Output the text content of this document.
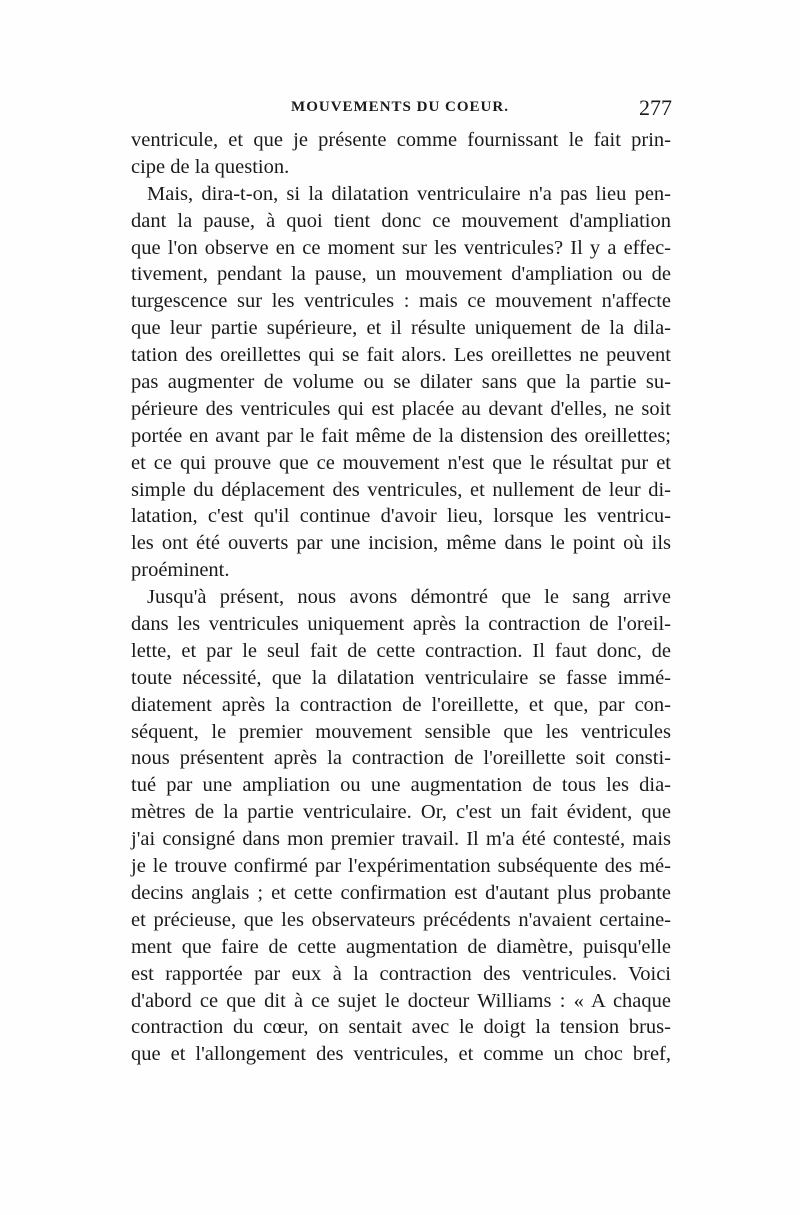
MOUVEMENTS DU COEUR.	277
ventricule, et que je présente comme fournissant le fait prin-
cipe de la question.
Mais, dira-t-on, si la dilatation ventriculaire n'a pas lieu pen-
dant la pause, à quoi tient donc ce mouvement d'ampliation
que l'on observe en ce moment sur les ventricules? Il y a effec-
tivement, pendant la pause, un mouvement d'ampliation ou de
turgescence sur les ventricules : mais ce mouvement n'affecte
que leur partie supérieure, et il résulte uniquement de la dila-
tation des oreillettes qui se fait alors. Les oreillettes ne peuvent
pas augmenter de volume ou se dilater sans que la partie su-
périeure des ventricules qui est placée au devant d'elles, ne soit
portée en avant par le fait même de la distension des oreillettes;
et ce qui prouve que ce mouvement n'est que le résultat pur et
simple du déplacement des ventricules, et nullement de leur di-
latation, c'est qu'il continue d'avoir lieu, lorsque les ventricu-
les ont été ouverts par une incision, même dans le point où ils
proéminent.
Jusqu'à présent, nous avons démontré que le sang arrive
dans les ventricules uniquement après la contraction de l'oreil-
lette, et par le seul fait de cette contraction. Il faut donc, de
toute nécessité, que la dilatation ventriculaire se fasse immé-
diatement après la contraction de l'oreillette, et que, par con-
séquent, le premier mouvement sensible que les ventricules
nous présentent après la contraction de l'oreillette soit consti-
tué par une ampliation ou une augmentation de tous les dia-
mètres de la partie ventriculaire. Or, c'est un fait évident, que
j'ai consigné dans mon premier travail. Il m'a été contesté, mais
je le trouve confirmé par l'expérimentation subséquente des mé-
decins anglais ; et cette confirmation est d'autant plus probante
et précieuse, que les observateurs précédents n'avaient certaine-
ment que faire de cette augmentation de diamètre, puisqu'elle
est rapportée par eux à la contraction des ventricules. Voici
d'abord ce que dit à ce sujet le docteur Williams : « A chaque
contraction du cœur, on sentait avec le doigt la tension brus-
que et l'allongement des ventricules, et comme un choc bref,
